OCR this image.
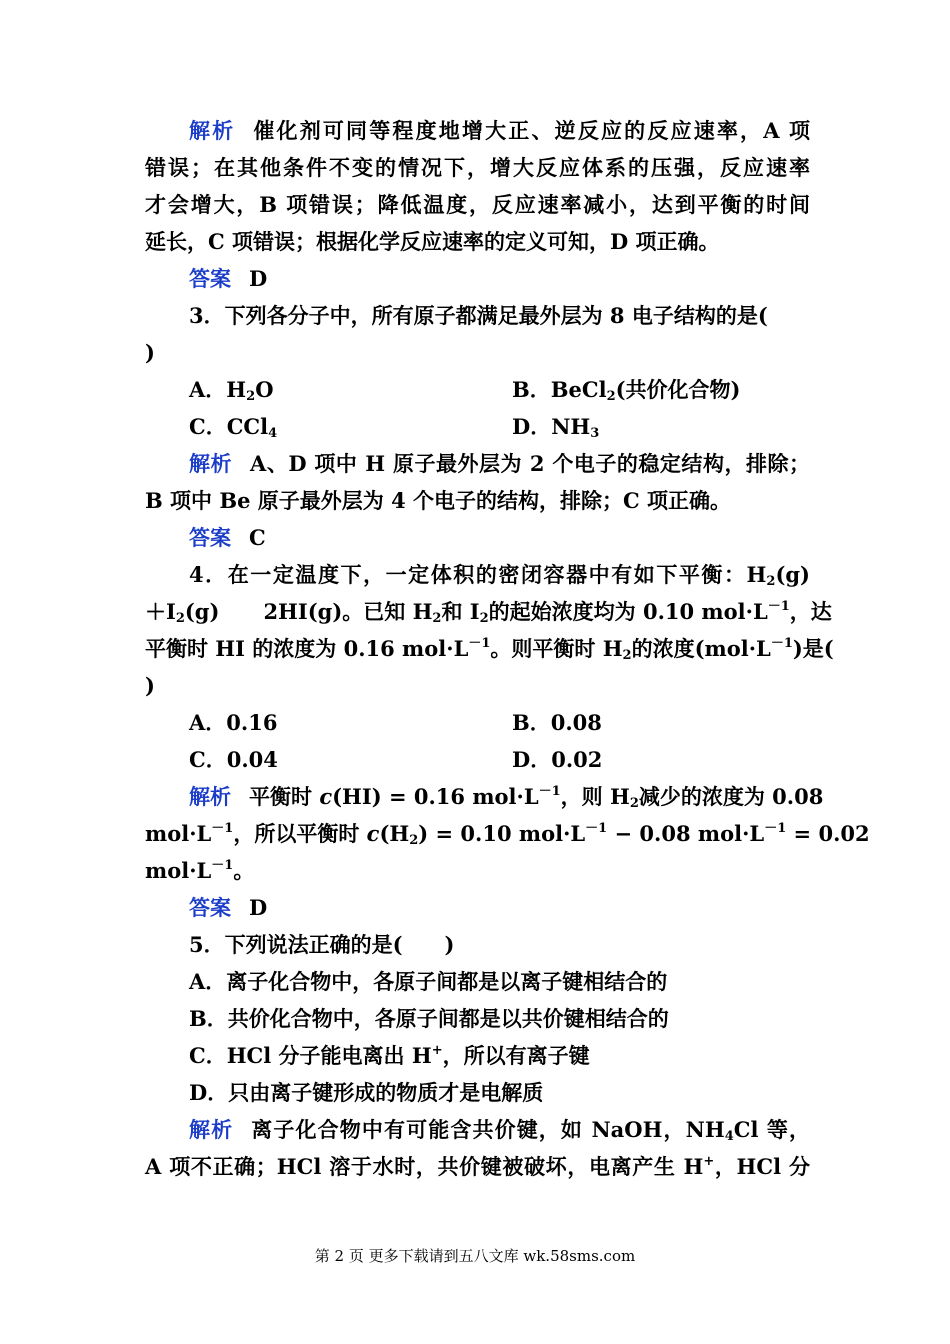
解析 催化剂可同等程度地增大正、逆反应的反应速率，A 项
错误；在其他条件不变的情况下，增大反应体系的压强，反应速率
才会增大，B 项错误；降低温度，反应速率减小，达到平衡的时间
延长，C 项错误；根据化学反应速率的定义可知，D 项正确。
答案 D
3．下列各分子中，所有原子都满足最外层为 8 电子结构的是(
)
A．$H_2O$	B．BeCl$_2$(共价化合物)
C．CCl$_4$	D．$NH_3$
解析 A、D 项中 H 原子最外层为 2 个电子的稳定结构，排除；
B 项中 Be 原子最外层为 4 个电子的结构，排除；C 项正确。
答案 C
4．在一定温度下，一定体积的密闭容器中有如下平衡：$H_2(g)$
$+I_2(g)$ 2HI(g)。已知 $H_2$和 $I_2$的起始浓度均为 0.10 $mol\cdot L^{-1}$，达
平衡时 HI 的浓度为 0.16 $mol\cdot L^{-1}$。则平衡时 $H_2$的浓度$(mol\cdot L^{-1})$是(
)
A．0.16	B．0.08
C．0.04	D．0.02
解析 平衡时 c(HI) = 0.16 $mol\cdot L^{-1}$，则 $H_2$减少的浓度为 0.08
$mol\cdot L^{-1}$，所以平衡时 $c(H_2) = 0.10$ $mol\cdot L^{-1} - 0.08$ $mol\cdot L^{-1} = 0.02$
$mol\cdot L^{-1}$。
答案 D
5．下列说法正确的是(　　)
A．离子化合物中，各原子间都是以离子键相结合的
B．共价化合物中，各原子间都是以共价键相结合的
C．HCl 分子能电离出 H+，所以有离子键
D．只由离子键形成的物质才是电解质
解析 离子化合物中有可能含共价键，如 NaOH，$NH_4Cl$ 等，
A 项不正确；HCl 溶于水时，共价键被破坏，电离产生 H+，HCl 分
第 2 页 更多下载请到五八文库 wk.58sms.com
